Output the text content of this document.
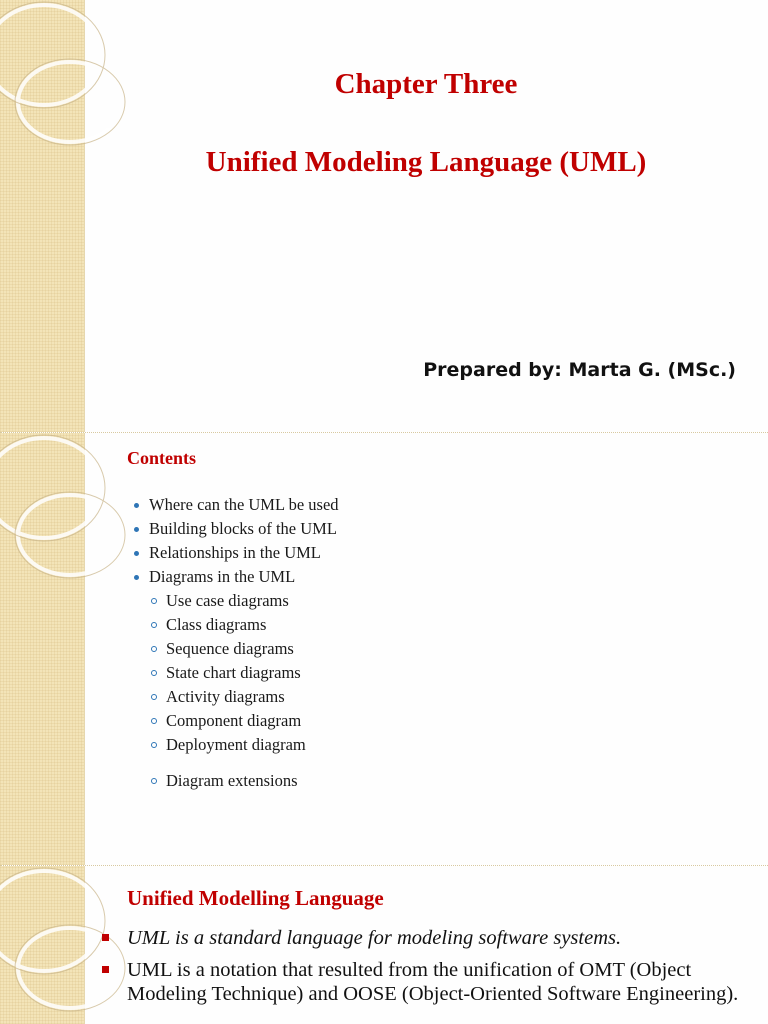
Chapter Three
Unified Modeling Language (UML)
Prepared by: Marta G. (MSc.)
Contents
Where can the UML be used
Building blocks of the UML
Relationships in the UML
Diagrams in the UML
Use case diagrams
Class diagrams
Sequence diagrams
State chart diagrams
Activity diagrams
Component diagram
Deployment diagram
Diagram extensions
Unified Modelling Language
UML is a standard language for modeling software systems.
UML is a notation that resulted from the unification of OMT (Object Modeling Technique) and OOSE (Object-Oriented Software Engineering).
